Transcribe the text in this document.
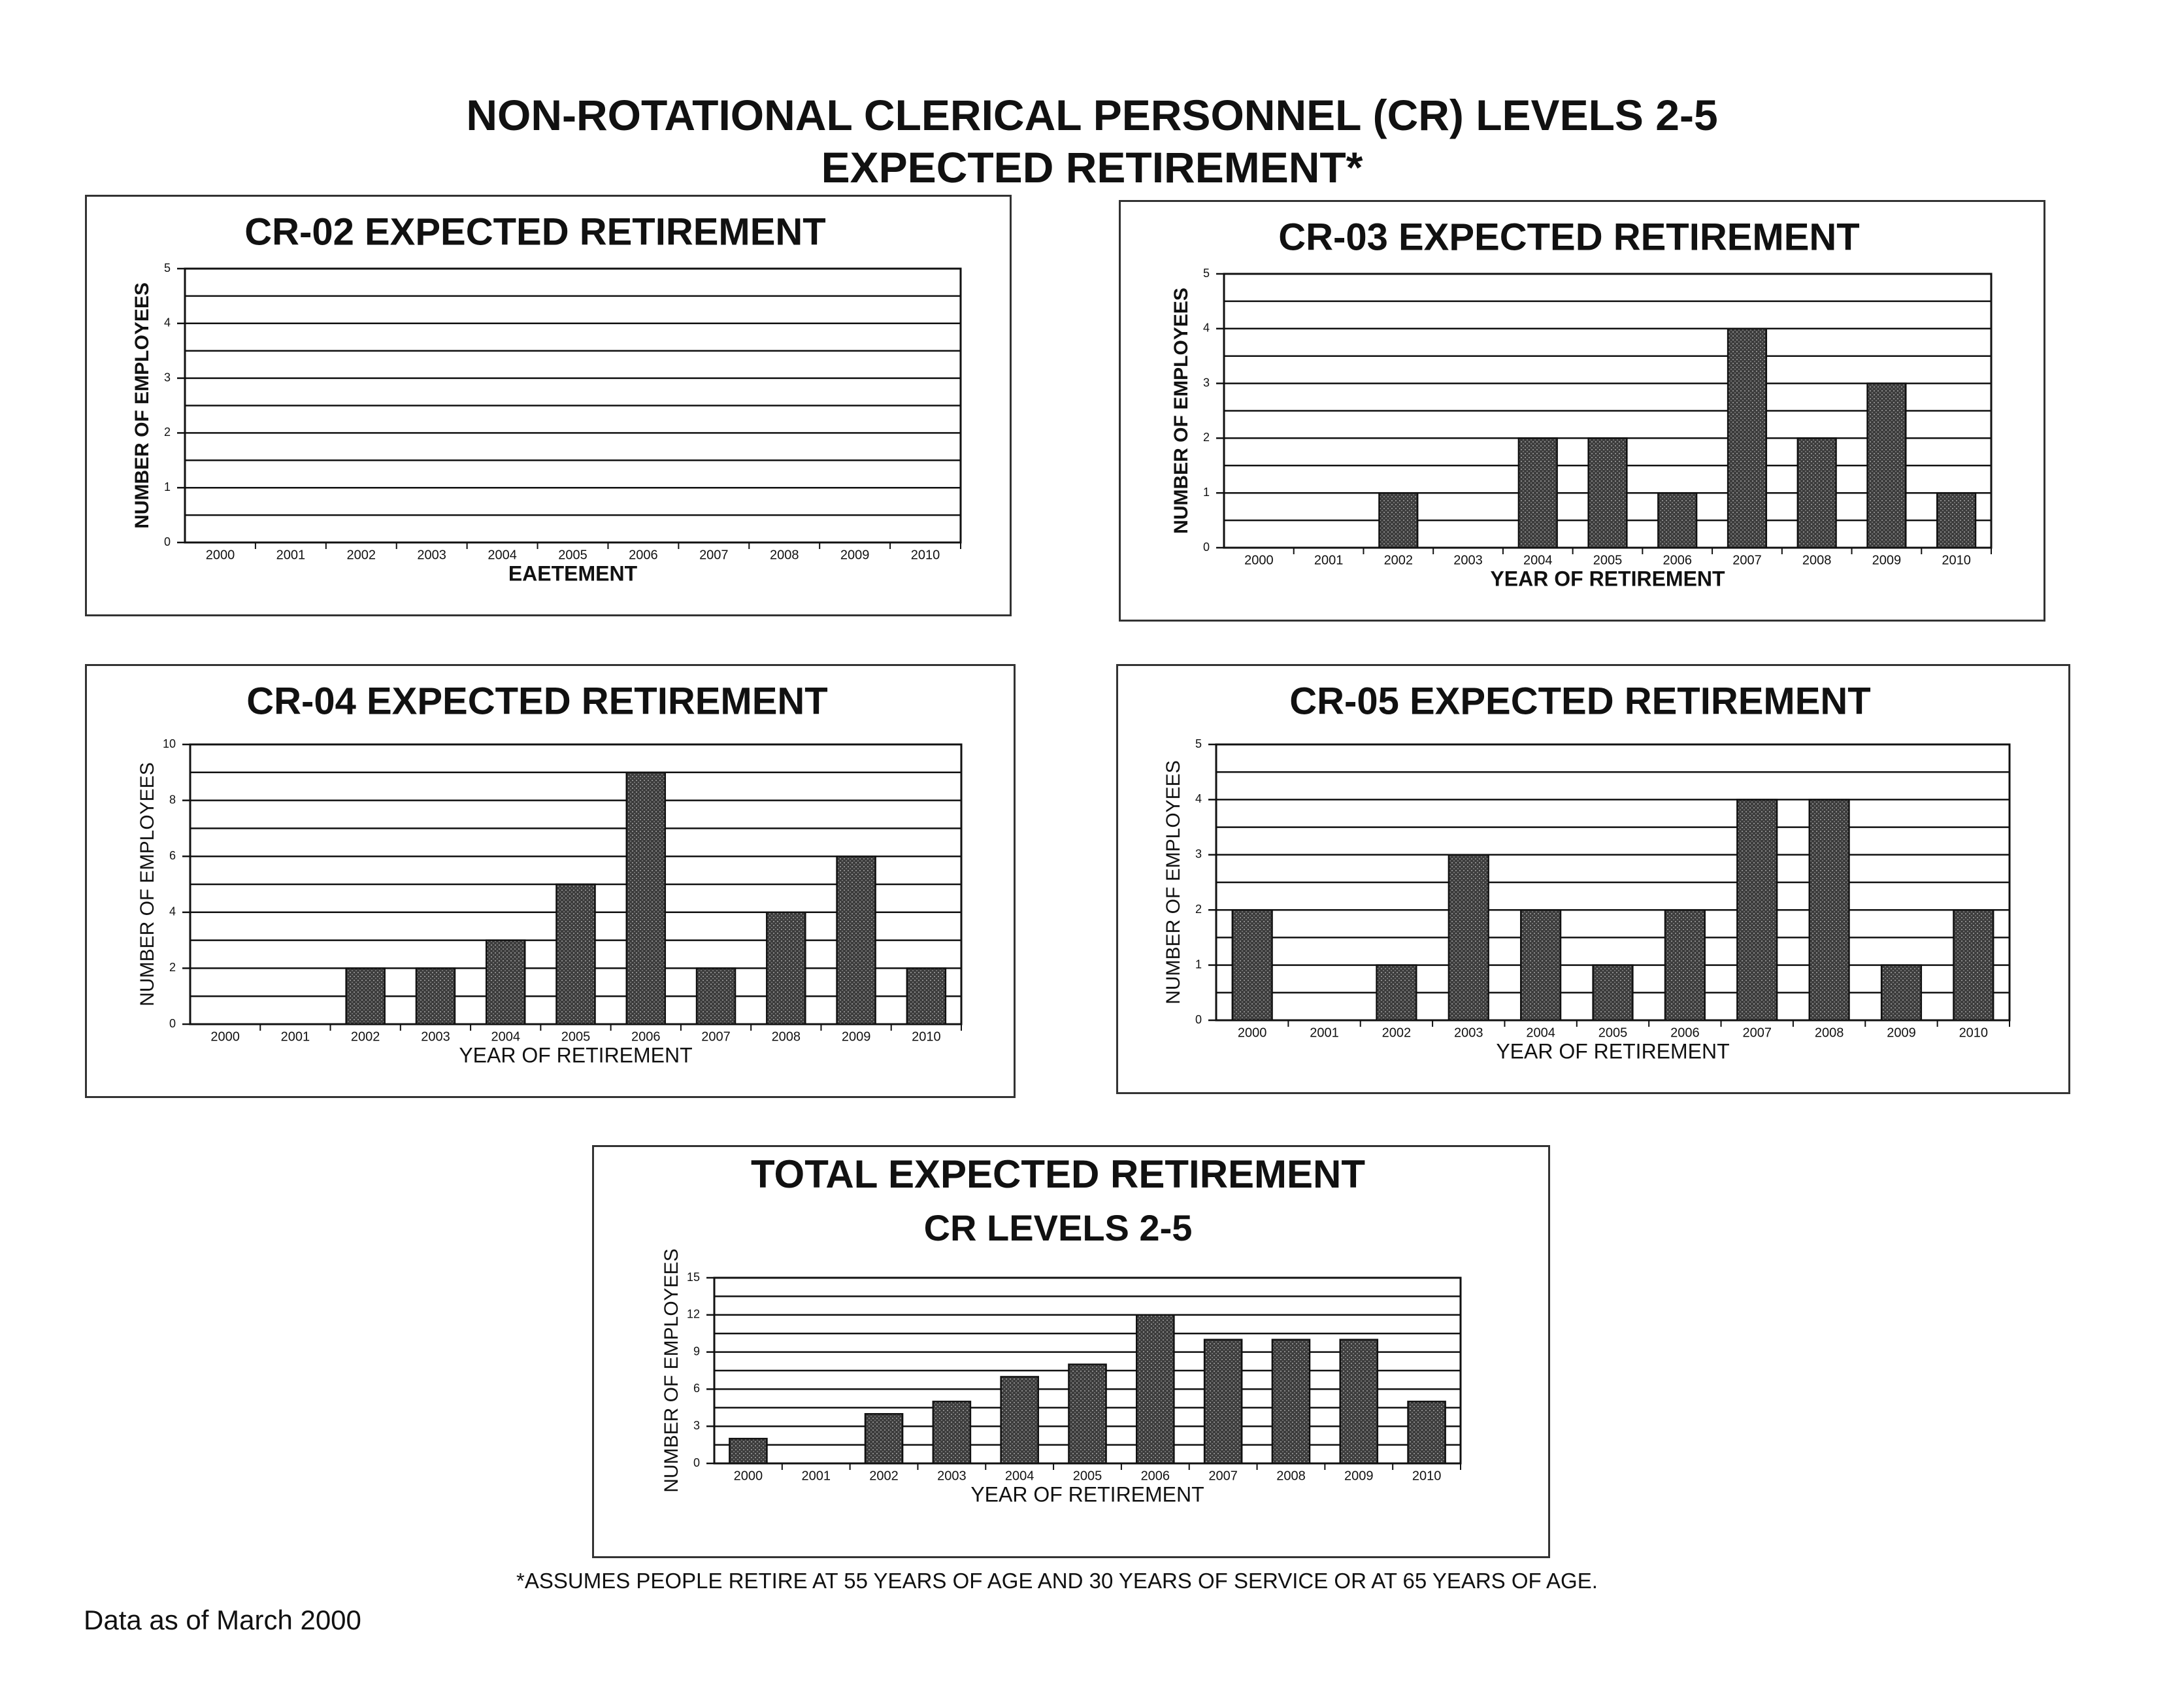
NON-ROTATIONAL CLERICAL PERSONNEL (CR) LEVELS 2-5
EXPECTED RETIREMENT*
CR-02 EXPECTED RETIREMENT
0
1
2
3
4
5
NUMBER OF EMPLOYEES
2000	2001	2002	2003	2004	2005	2006	2007	2008	2009	2010
EAETEMENT
CR-03 EXPECTED RETIREMENT
0
1
2
3
4
5
NUMBER OF EMPLOYEES
2000	2001	2002	2003	2004	2005	2006	2007	2008	2009	2010
YEAR OF RETIREMENT
CR-04 EXPECTED RETIREMENT
0
2
4
6
8
10
NUMBER OF EMPLOYEES
2000	2001	2002	2003	2004	2005	2006	2007	2008	2009	2010
YEAR OF RETIREMENT
CR-05 EXPECTED RETIREMENT
0
1
2
3
4
5
NUMBER OF EMPLOYEES
2000	2001	2002	2003	2004	2005	2006	2007	2008	2009	2010
YEAR OF RETIREMENT
TOTAL EXPECTED RETIREMENT
CR LEVELS 2-5
0
3
6
9
12
15
NUMBER OF EMPLOYEES	2000	2001	2002	2003	2004	2005	2006	2007	2008	2009	2010
YEAR OF RETIREMENT
*ASSUMES PEOPLE RETIRE AT 55 YEARS OF AGE AND 30 YEARS OF SERVICE OR AT 65 YEARS OF AGE.
Data as of March 2000
